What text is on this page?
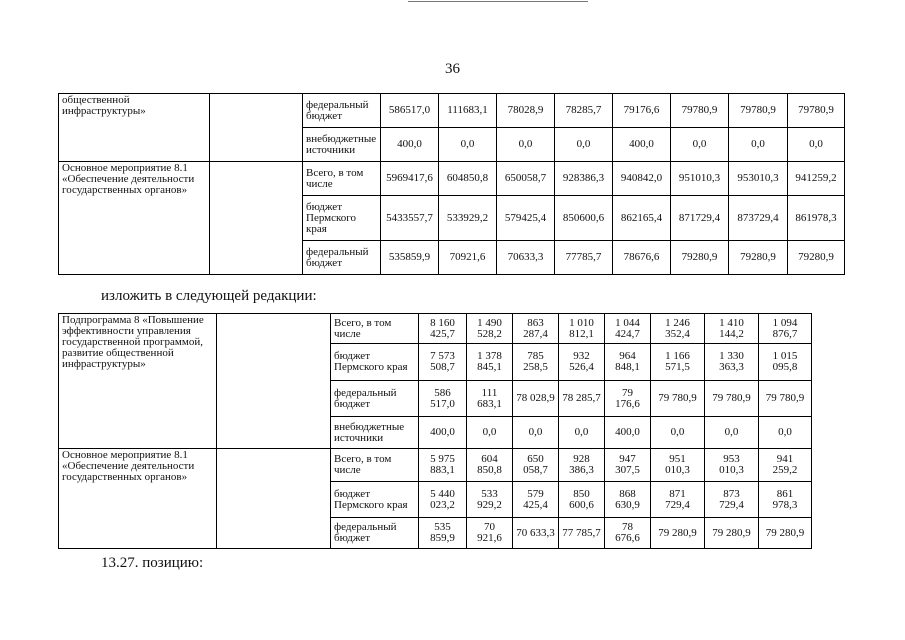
36
общественной инфраструктуры»		федеральный бюджет	586517,0	111683,1	78028,9	78285,7	79176,6	79780,9	79780,9	79780,9
		внебюджетные источники	400,0	0,0	0,0	0,0	400,0	0,0	0,0	0,0
Основное мероприятие 8.1 «Обеспечение деятельности государственных органов»		Всего, в том числе	5969417,6	604850,8	650058,7	928386,3	940842,0	951010,3	953010,3	941259,2
		бюджет Пермского края	5433557,7	533929,2	579425,4	850600,6	862165,4	871729,4	873729,4	861978,3
		федеральный бюджет	535859,9	70921,6	70633,3	77785,7	78676,6	79280,9	79280,9	79280,9
изложить в следующей редакции:
Подпрограмма 8 «Повышение эффективности управления государственной программой, развитие общественной инфраструктуры»		Всего, в том числе	8 160
425,7	1 490
528,2	863
287,4	1 010
812,1	1 044
424,7	1 246
352,4	1 410
144,2	1 094
876,7
		бюджет Пермского края	7 573
508,7	1 378
845,1	785
258,5	932
526,4	964
848,1	1 166
571,5	1 330
363,3	1 015
095,8
		федеральный бюджет	586
517,0	111
683,1	78 028,9	78 285,7	79
176,6	79 780,9	79 780,9	79 780,9
		внебюджетные источники	400,0	0,0	0,0	0,0	400,0	0,0	0,0	0,0
Основное мероприятие 8.1 «Обеспечение деятельности государственных органов»		Всего, в том числе	5 975
883,1	604
850,8	650
058,7	928
386,3	947
307,5	951
010,3	953
010,3	941
259,2
		бюджет Пермского края	5 440
023,2	533
929,2	579
425,4	850
600,6	868
630,9	871
729,4	873
729,4	861
978,3
		федеральный бюджет	535
859,9	70
921,6	70 633,3	77 785,7	78
676,6	79 280,9	79 280,9	79 280,9
13.27. позицию:
